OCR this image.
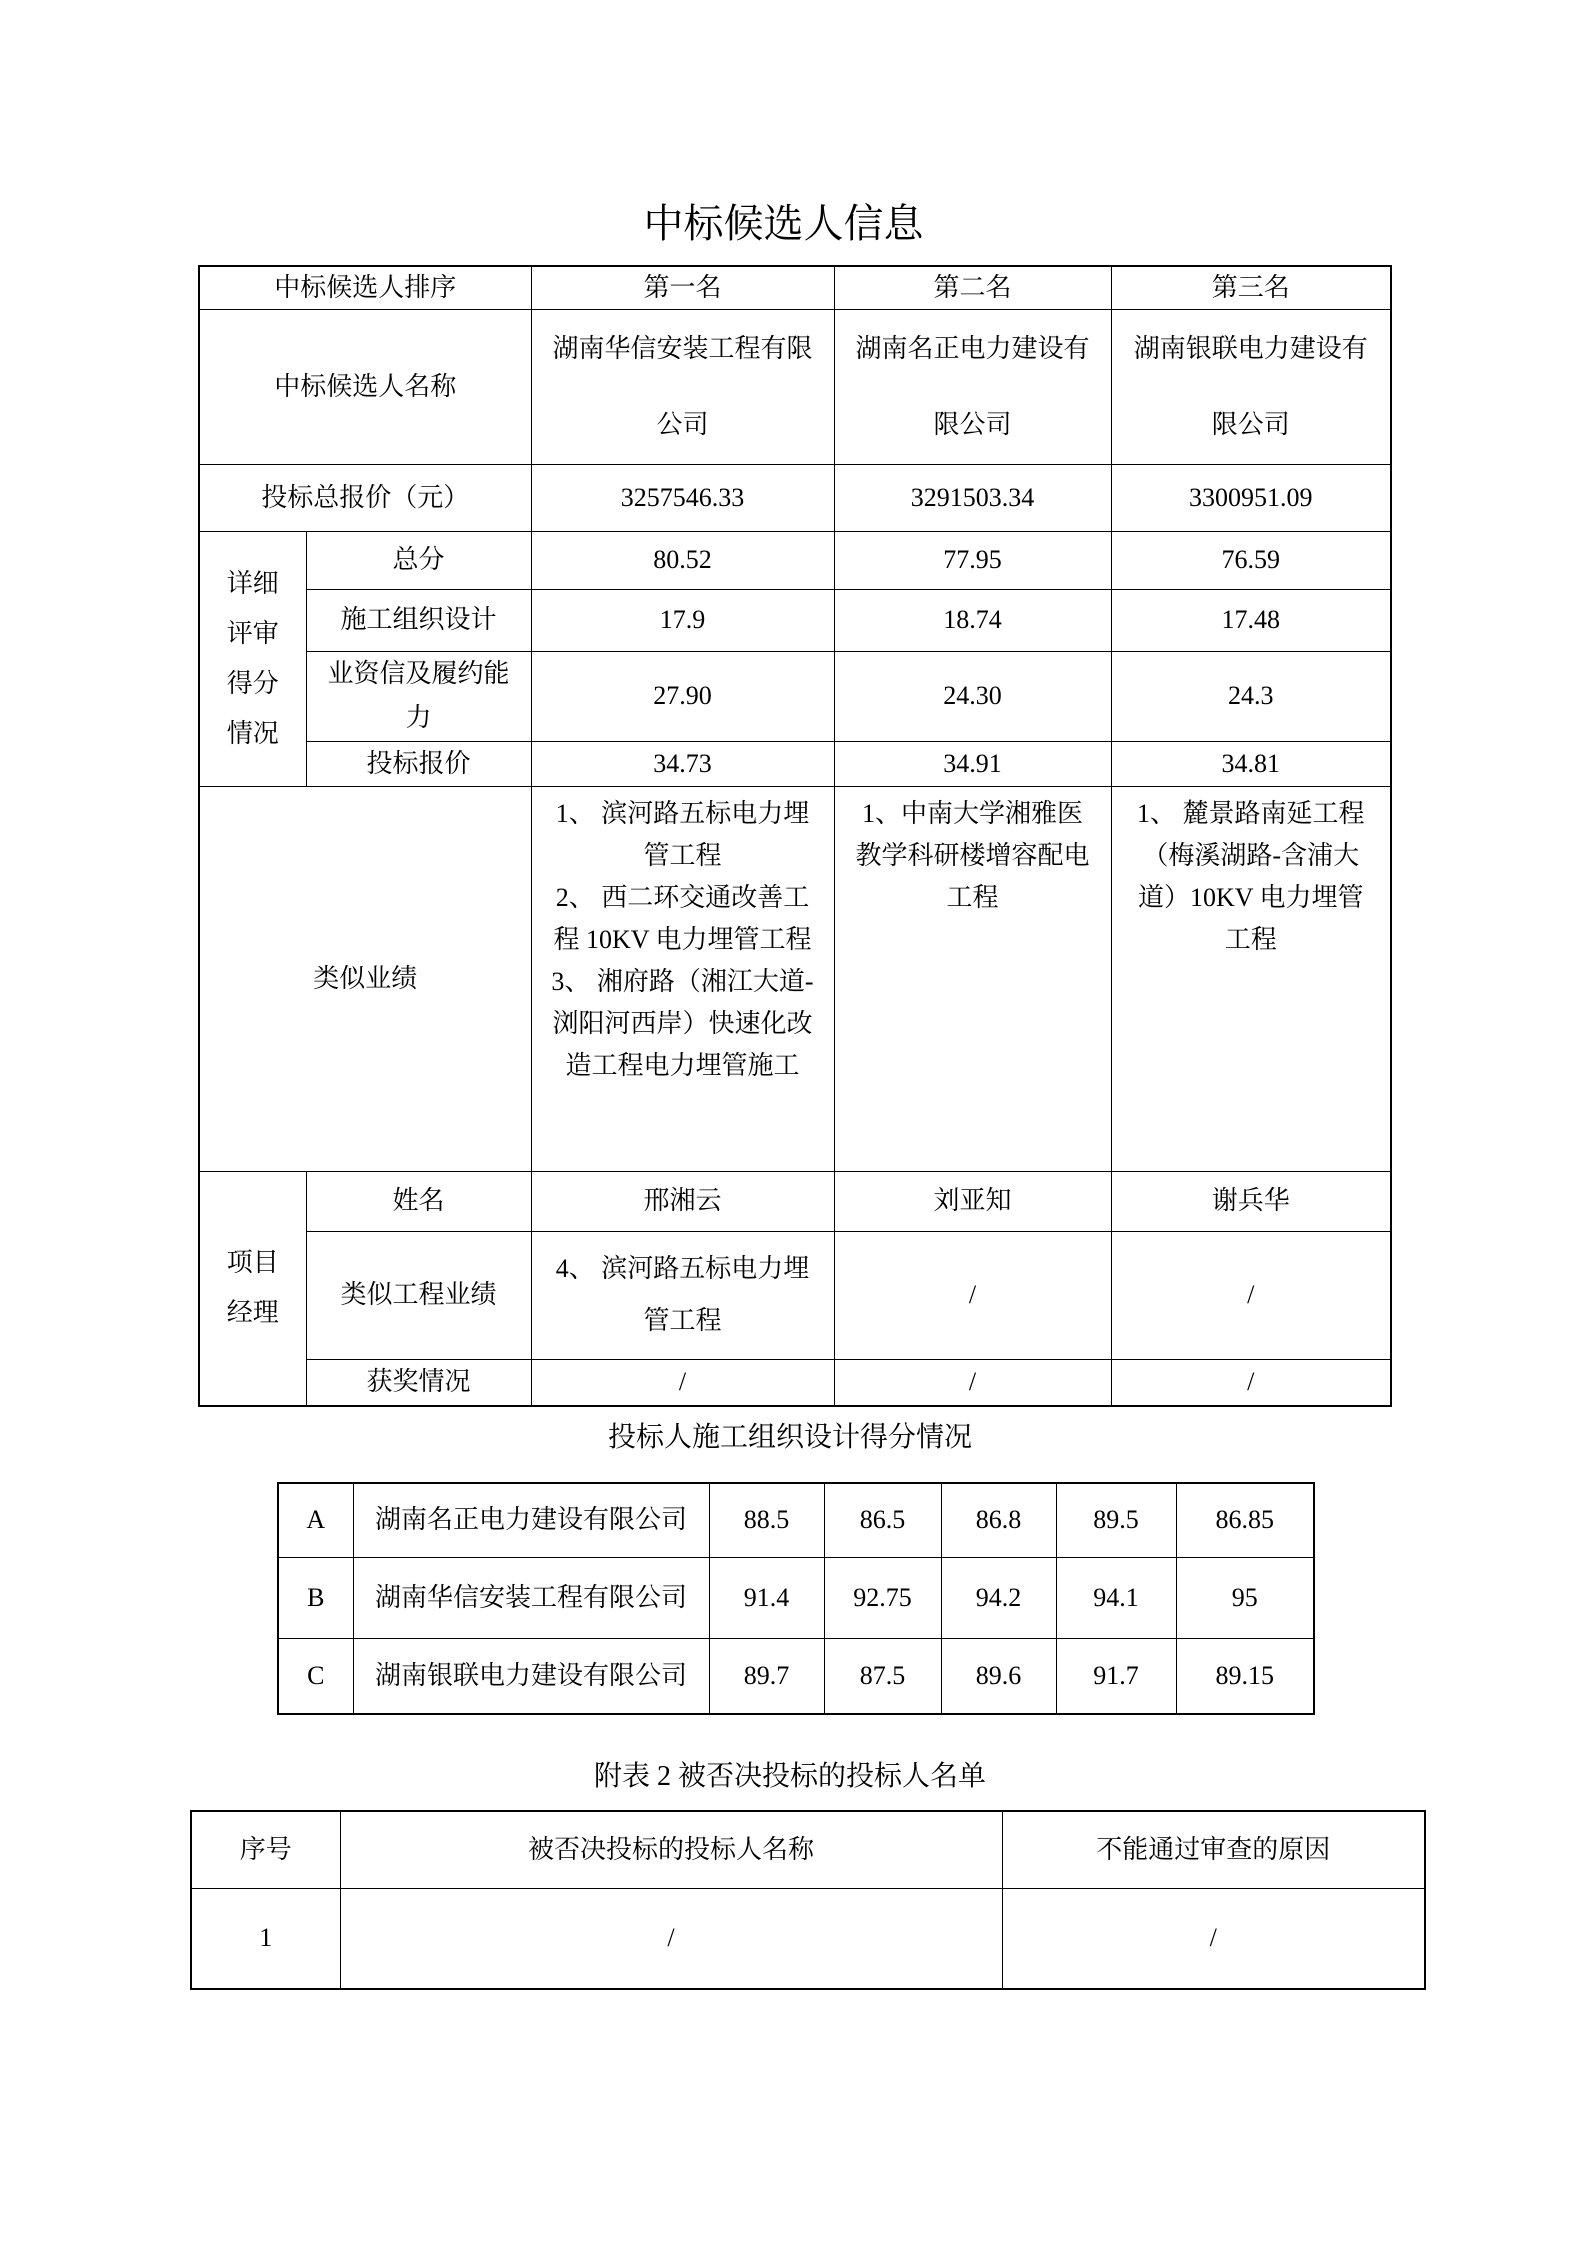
中标候选人信息
中标候选人排序		第一名	第二名	第三名
中标候选人名称		湖南华信安装工程有限公司	湖南名正电力建设有限公司	湖南银联电力建设有限公司
投标总报价（元）		3257546.33	3291503.34	3300951.09
详细评审得分情况	总分	80.52	77.95	76.59
	施工组织设计	17.9	18.74	17.48
	业资信及履约能力	27.90	24.30	24.3
	投标报价	34.73	34.91	34.81
类似业绩		1、 滨河路五标电力埋管工程
2、 西二环交通改善工程 10KV 电力埋管工程
3、 湘府路（湘江大道-浏阳河西岸）快速化改造工程电力埋管施工	1、中南大学湘雅医教学科研楼增容配电工程	1、 麓景路南延工程（梅溪湖路-含浦大道）10KV 电力埋管工程

项目经理	姓名	邢湘云	刘亚知	谢兵华
	类似工程业绩	4、 滨河路五标电力埋管工程	/	/
	获奖情况	/	/	/
投标人施工组织设计得分情况
A	湖南名正电力建设有限公司	88.5	86.5	86.8	89.5	86.85
B	湖南华信安装工程有限公司	91.4	92.75	94.2	94.1	95
C	湖南银联电力建设有限公司	89.7	87.5	89.6	91.7	89.15
附表 2 被否决投标的投标人名单
序号	被否决投标的投标人名称	不能通过审查的原因
1	/	/
